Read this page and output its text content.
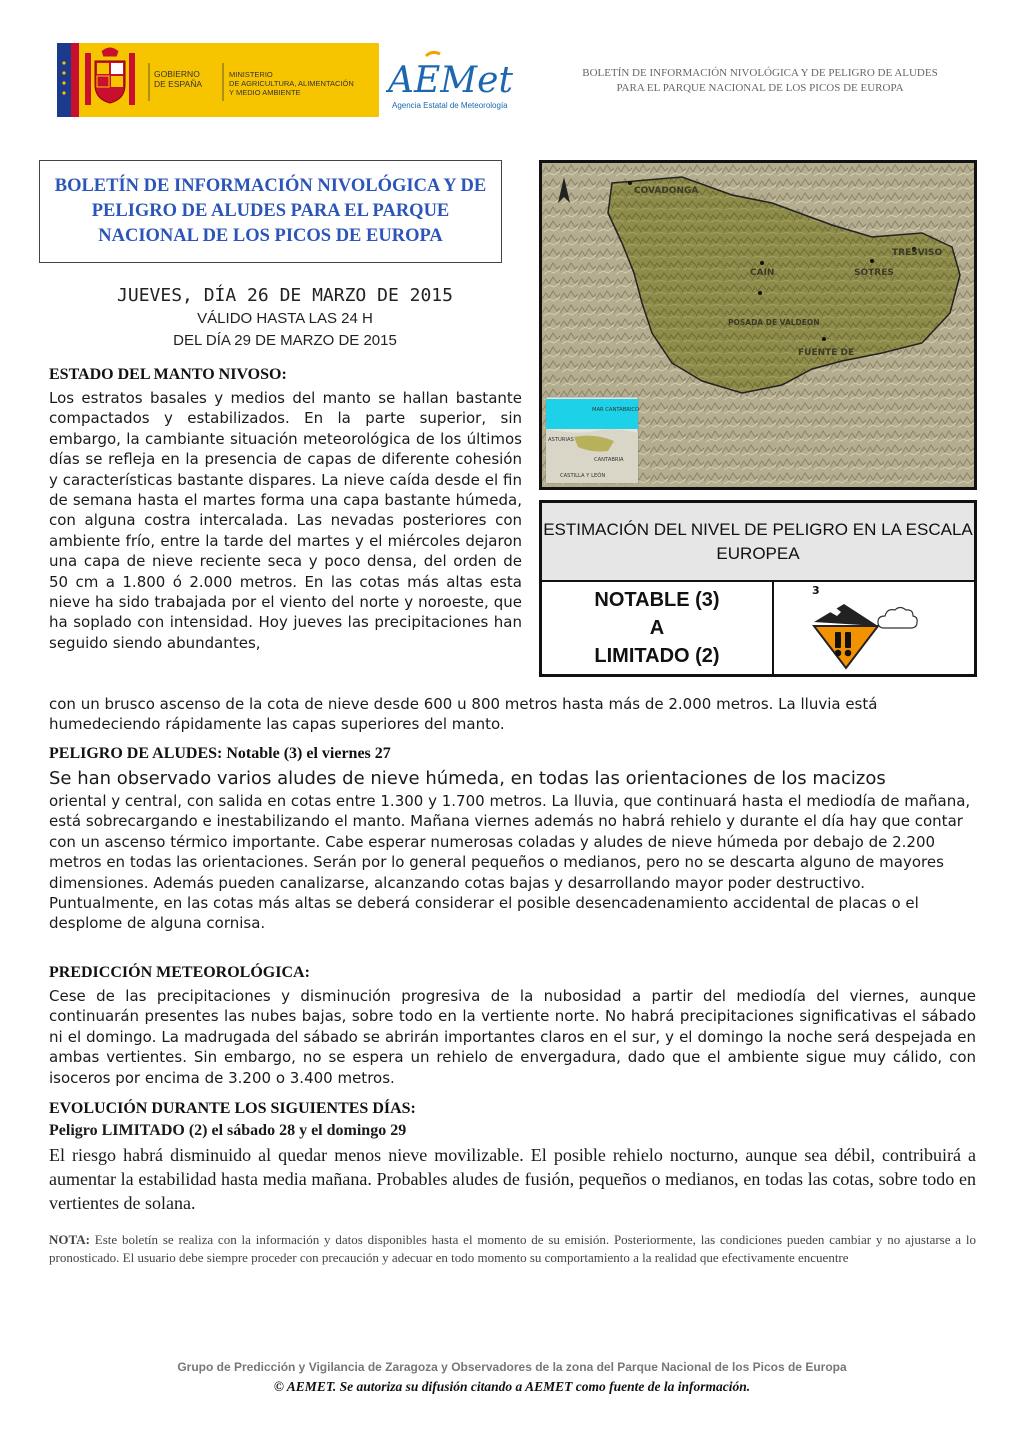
GOBIERNO
DE ESPAÑA
MINISTERIO
DE AGRICULTURA, ALIMENTACIÓN
Y MEDIO AMBIENTE AEMet
Agencia Estatal de Meteorología
BOLETÍN DE INFORMACIÓN NIVOLÓGICA Y DE PELIGRO DE ALUDES
PARA EL PARQUE NACIONAL DE LOS PICOS DE EUROPA
BOLETÍN DE INFORMACIÓN NIVOLÓGICA Y DE PELIGRO DE ALUDES PARA EL PARQUE NACIONAL DE LOS PICOS DE EUROPA
JUEVES, DÍA 26 DE MARZO DE 2015
VÁLIDO HASTA LAS 24 H
DEL DÍA 29 DE MARZO DE 2015
COVADONGA
TRESVISO
CAIN	SOTRES
POSADA DE VALDEON
FUENTE DE
MAR CANTÁBRICO
ASTURIAS
CANTABRIA
CASTILLA Y LEÓN
ESTIMACIÓN DEL NIVEL DE PELIGRO EN LA ESCALA EUROPEA
NOTABLE (3)
A
LIMITADO (2)
3
ESTADO DEL MANTO NIVOSO:

Los estratos basales y medios del manto se hallan bastante compactados y estabilizados. En la parte superior, sin embargo, la cambiante situación meteorológica de los últimos días se refleja en la presencia de capas de diferente cohesión y características bastante dispares. La nieve caída desde el fin de semana hasta el martes forma una capa bastante húmeda, con alguna costra intercalada. Las nevadas posteriores con ambiente frío, entre la tarde del martes y el miércoles dejaron una capa de nieve reciente seca y poco densa, del orden de 50 cm a 1.800 ó 2.000 metros. En las cotas más altas esta nieve ha sido trabajada por el viento del norte y noroeste, que ha soplado con intensidad. Hoy jueves las precipitaciones han seguido siendo abundantes,

con un brusco ascenso de la cota de nieve desde 600 u 800 metros hasta más de 2.000 metros. La lluvia está humedeciendo rápidamente las capas superiores del manto.

PELIGRO DE ALUDES: Notable (3) el viernes 27
Se han observado varios aludes de nieve húmeda, en todas las orientaciones de los macizos

oriental y central, con salida en cotas entre 1.300 y 1.700 metros. La lluvia, que continuará hasta el mediodía de mañana, está sobrecargando e inestabilizando el manto. Mañana viernes además no habrá rehielo y durante el día hay que contar con un ascenso térmico importante. Cabe esperar numerosas coladas y aludes de nieve húmeda por debajo de 2.200 metros en todas las orientaciones. Serán por lo general pequeños o medianos, pero no se descarta alguno de mayores dimensiones. Además pueden canalizarse, alcanzando cotas bajas y desarrollando mayor poder destructivo.

Puntualmente, en las cotas más altas se deberá considerar el posible desencadenamiento accidental de placas o el desplome de alguna cornisa.

PREDICCIÓN METEOROLÓGICA:

Cese de las precipitaciones y disminución progresiva de la nubosidad a partir del mediodía del viernes, aunque continuarán presentes las nubes bajas, sobre todo en la vertiente norte. No habrá precipitaciones significativas el sábado ni el domingo. La madrugada del sábado se abrirán importantes claros en el sur, y el domingo la noche será despejada en ambas vertientes. Sin embargo, no se espera un rehielo de envergadura, dado que el ambiente sigue muy cálido, con isoceros por encima de 3.200 o 3.400 metros.

EVOLUCIÓN DURANTE LOS SIGUIENTES DÍAS:
Peligro LIMITADO (2) el sábado 28 y el domingo 29

El riesgo habrá disminuido al quedar menos nieve movilizable. El posible rehielo nocturno, aunque sea débil, contribuirá a aumentar la estabilidad hasta media mañana. Probables aludes de fusión, pequeños o medianos, en todas las cotas, sobre todo en vertientes de solana.

NOTA: Este boletín se realiza con la información y datos disponibles hasta el momento de su emisión. Posteriormente, las condiciones pueden cambiar y no ajustarse a lo pronosticado. El usuario debe siempre proceder con precaución y adecuar en todo momento su comportamiento a la realidad que efectivamente encuentre
Grupo de Predicción y Vigilancia de Zaragoza y Observadores de la zona del Parque Nacional de los Picos de Europa
© AEMET. Se autoriza su difusión citando a AEMET como fuente de la información.
